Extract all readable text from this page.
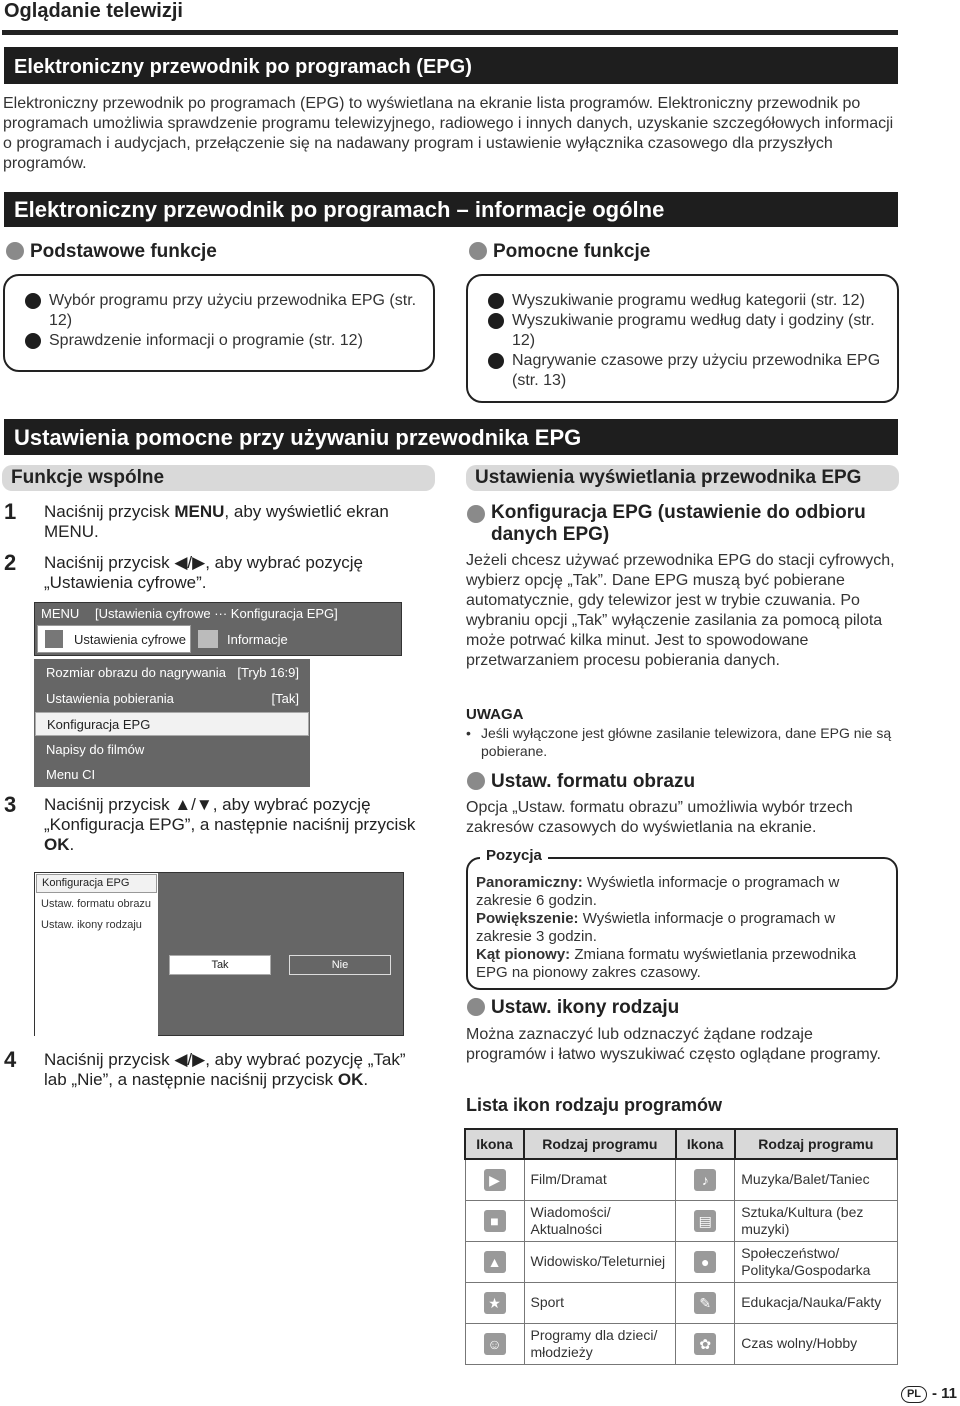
Oglądanie telewizji
Elektroniczny przewodnik po programach (EPG)
Elektroniczny przewodnik po programach (EPG) to wyświetlana na ekranie lista programów. Elektroniczny przewodnik po programach umożliwia sprawdzenie programu telewizyjnego, radiowego i innych danych, uzyskanie szczegółowych informacji o programach i audycjach, przełączenie się na nadawany program i ustawienie wyłącznika czasowego dla przyszłych programów.
Elektroniczny przewodnik po programach – informacje ogólne
Podstawowe funkcje	Pomocne funkcje
Wybór programu przy użyciu przewodnika EPG (str. 12)
Sprawdzenie informacji o programie (str. 12)
Wyszukiwanie programu według kategorii (str. 12)
Wyszukiwanie programu według daty i godziny (str. 12)
Nagrywanie czasowe przy użyciu przewodnika EPG (str. 13)
Ustawienia pomocne przy używaniu przewodnika EPG
Funkcje wspólne	Ustawienia wyświetlania przewodnika EPG
1 Naciśnij przycisk MENU, aby wyświetlić ekran MENU.
2 Naciśnij przycisk ◀/▶, aby wybrać pozycję „Ustawienia cyfrowe”.
MENU [Ustawienia cyfrowe ··· Konfiguracja EPG]
Ustawienia cyfrowe	Informacje
Rozmiar obrazu do nagrywania [Tryb 16:9]
Ustawienia pobierania	[Tak]
Konfiguracja EPG
Napisy do filmów
Menu CI
3 Naciśnij przycisk ▲/▼, aby wybrać pozycję „Konfiguracja EPG”, a następnie naciśnij przycisk OK.
Konfiguracja EPG
Ustaw. formatu obrazu
Ustaw. ikony rodzaju
Tak	Nie
4 Naciśnij przycisk ◀/▶, aby wybrać pozycję „Tak” lab „Nie”, a następnie naciśnij przycisk OK.
Konfiguracja EPG (ustawienie do odbioru danych EPG)
Jeżeli chcesz używać przewodnika EPG do stacji cyfrowych, wybierz opcję „Tak”. Dane EPG muszą być pobierane automatycznie, gdy telewizor jest w trybie czuwania. Po wybraniu opcji „Tak” wyłączenie zasilania za pomocą pilota może potrwać kilka minut. Jest to spowodowane przetwarzaniem procesu pobierania danych.
UWAGA
• Jeśli wyłączone jest główne zasilanie telewizora, dane EPG nie są pobierane.
Ustaw. formatu obrazu
Opcja „Ustaw. formatu obrazu” umożliwia wybór trzech zakresów czasowych do wyświetlania na ekranie.
Pozycja
Panoramiczny: Wyświetla informacje o programach w zakresie 6 godzin.
Powiększenie: Wyświetla informacje o programach w zakresie 3 godzin.
Kąt pionowy: Zmiana formatu wyświetlania przewodnika EPG na pionowy zakres czasowy.
Ustaw. ikony rodzaju
Można zaznaczyć lub odznaczyć żądane rodzaje programów i łatwo wyszukiwać często oglądane programy.
Lista ikon rodzaju programów
Ikona	Rodzaj programu	Ikona	Rodzaj programu
▶	Film/Dramat	♪	Muzyka/Balet/Taniec
■	Wiadomości/ Aktualności	▤	Sztuka/Kultura (bez muzyki)
▲	Widowisko/Teleturniej	●	Społeczeństwo/ Polityka/Gospodarka
★	Sport	✎	Edukacja/Nauka/Fakty
☺	Programy dla dzieci/ młodzieży	✿	Czas wolny/Hobby
PL - 11
